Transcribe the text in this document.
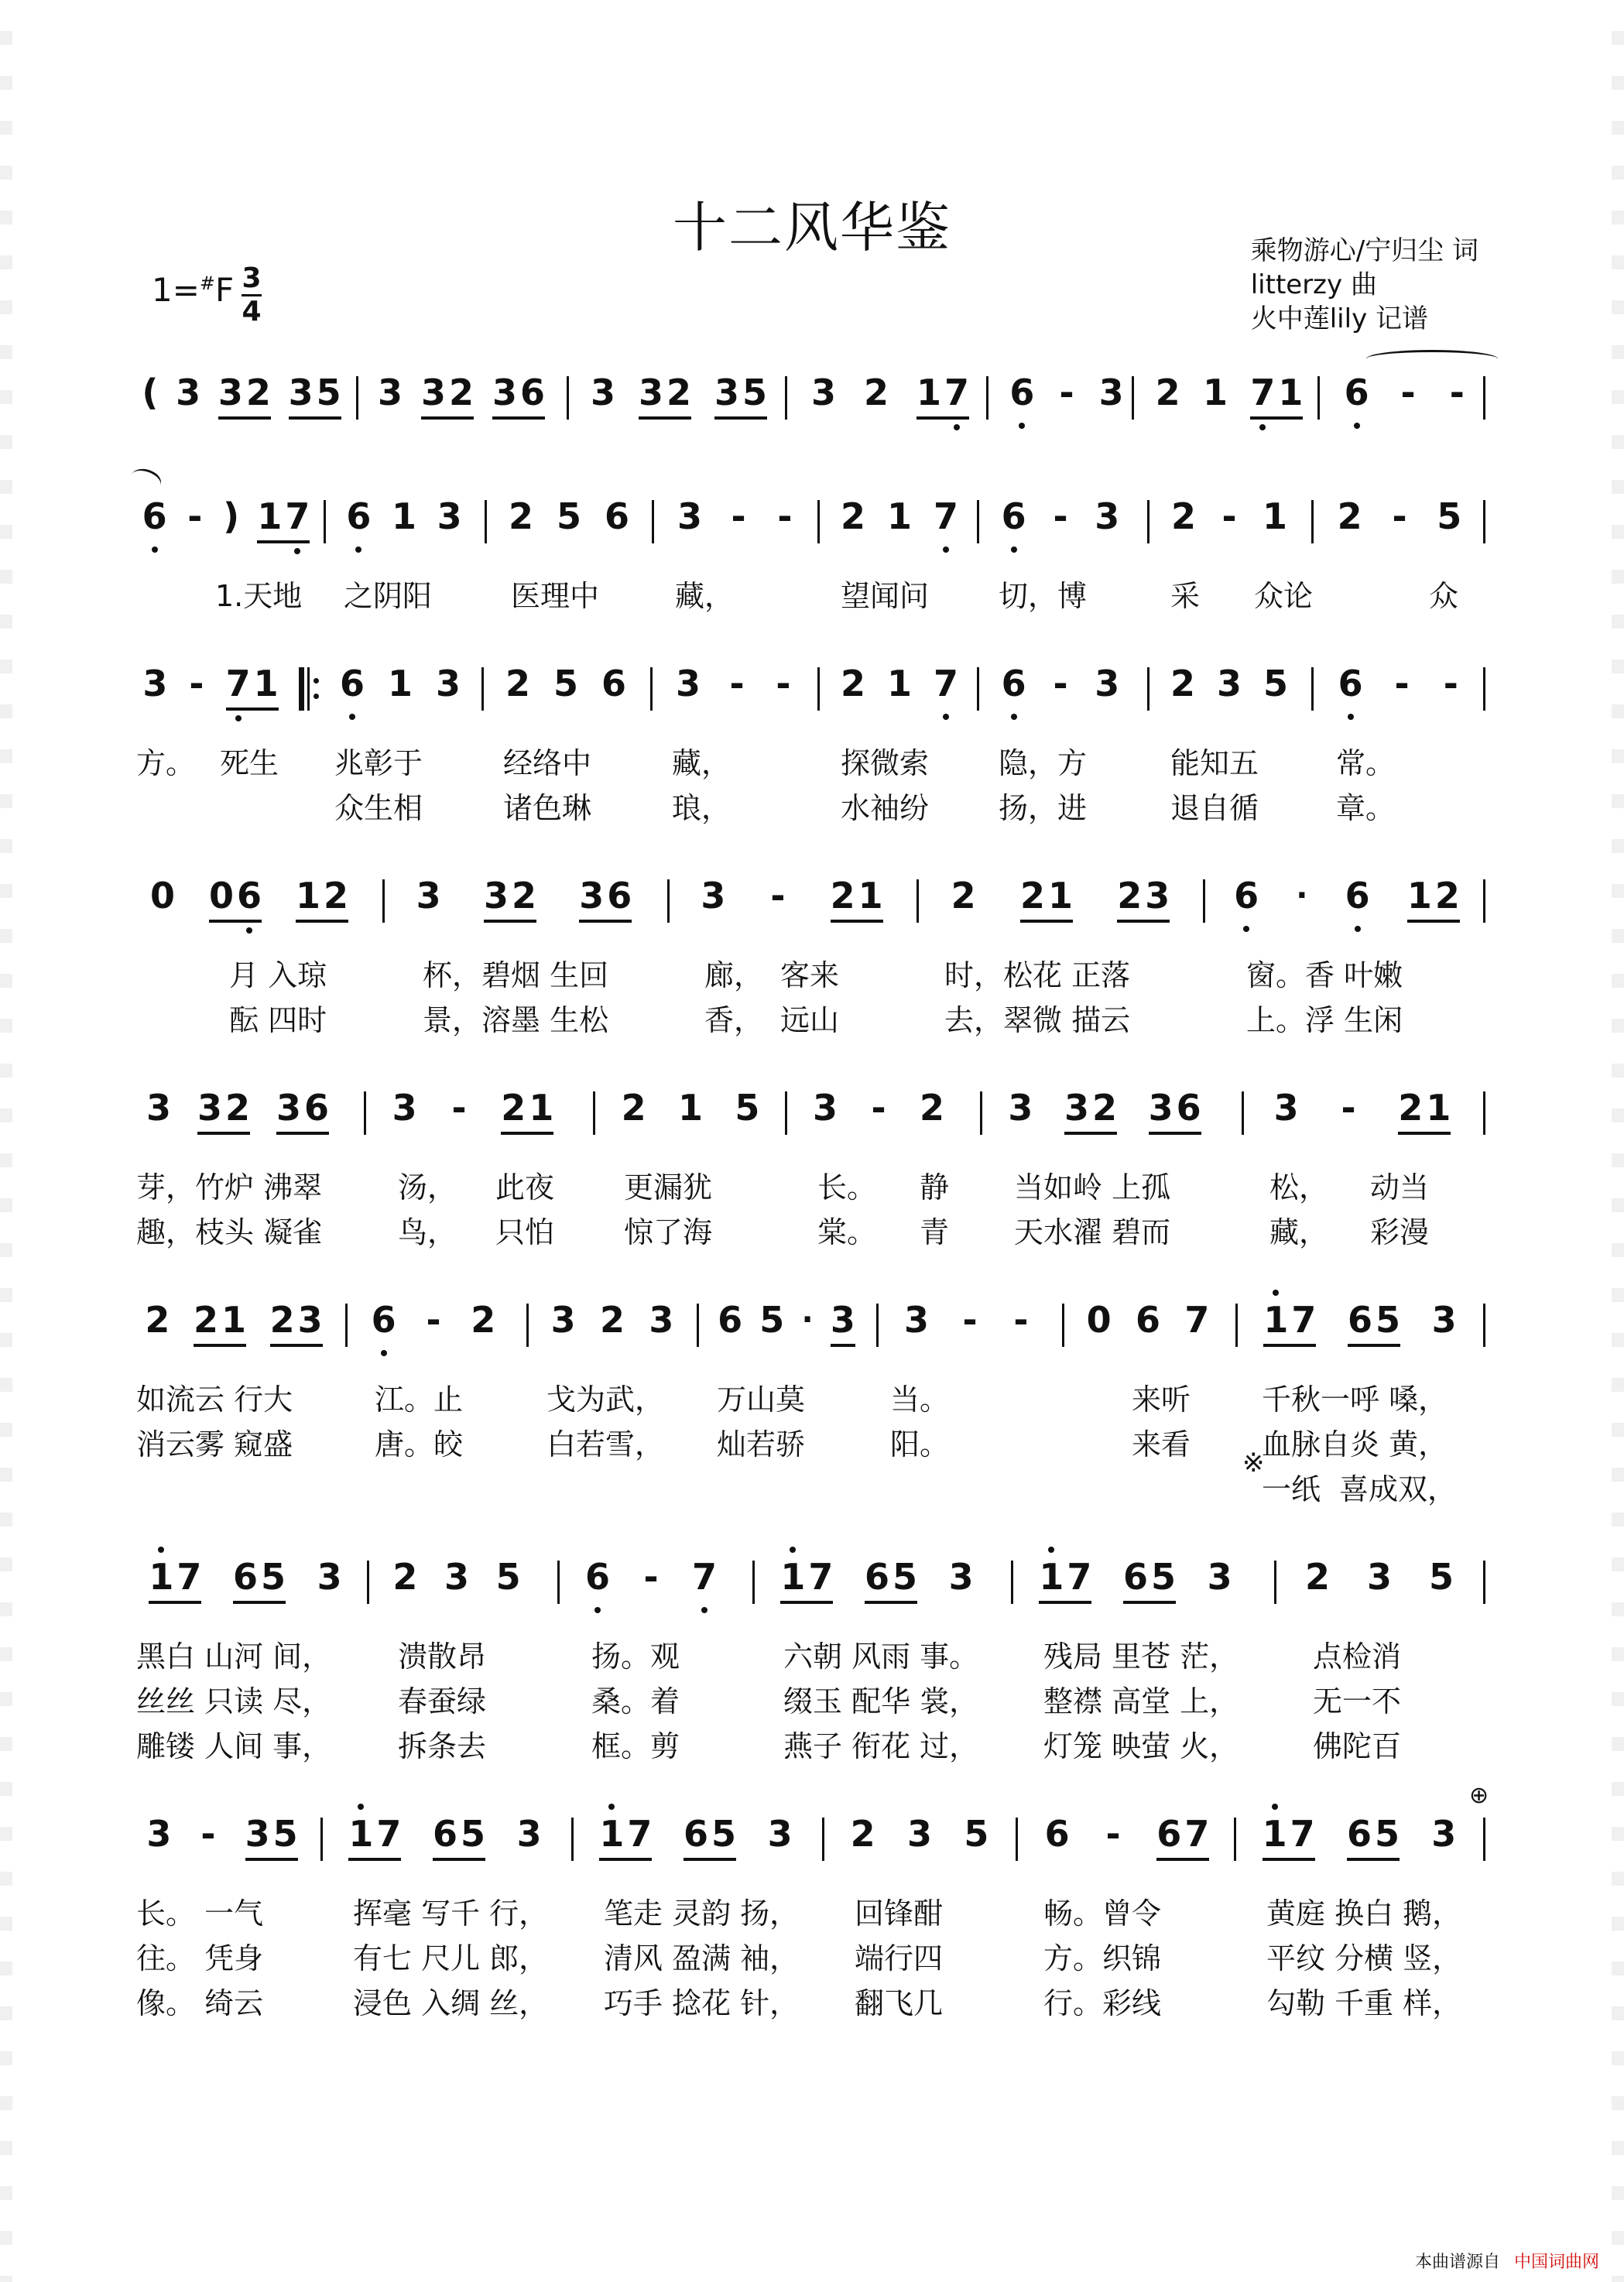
十二风华鉴	乘物游心/宁归尘 词
litterzy 曲
火中莲lily 记谱
1=#F 3
4
( 3 3 2 3 5 3 3 2 3 6 3 3 2 3 5 3 2 1 7 6 - 3 2 1 7 1 6 - -
6 - ) 1 7 6 1 3 2 5 6 3 - - 2 1 7 6 - 3 2 - 1 2 - 5
1.天地 之阴阳	医理中	藏，	望闻问 切，博	采 众论	众
3 - 7 1 6 1 3 2 5 6 3 - - 2 1 7 6 - 3 2 3 5 6 - -
方。 死生 兆彰于	经络中	藏，	探微索 隐，方	能知五	常。
众生相	诸色琳	琅，	水袖纷 扬，进	退自循	章。
0 0 6 1 2 3 3 2 3 6 3 - 2 1 2 2 1 2 3 6 · 6 1 2
月 入琼	杯，碧烟 生回	廊， 客来	时，松花 正落	窗。香 叶嫩
酝 四时	景，溶墨 生松	香， 远山	去，翠微 描云	上。浮 生闲
3 3 2 3 6 3 - 2 1 2 1 5 3 - 2 3 3 2 3 6 3 - 2 1
芽，竹炉 沸翠	汤， 此夜 更漏犹	长。 静 当如岭 上孤	松， 动当
趣，枝头 凝雀	鸟， 只怕 惊了海	棠。 青 天水濯 碧而	藏， 彩漫
2 2 1 2 3 6 - 2 3 2 3 6 5 · 3 3 - - 0 6 7 1 7 6 5 3
如流云 行大	江。止	戈为武， 万山莫	当。	来听 千秋一呼 嗓，
消云雾 窥盛	唐。皎	白若雪， 灿若骄	阳。	来看 血脉自炎 黄，
一纸 喜成双，
※
1 7 6 5 3 2 3 5 6 - 7 1 7 6 5 3 1 7 6 5 3 2 3 5
黑白 山河 间， 溃散昂	扬。观	六朝 风雨 事。 残局 里苍 茫，	点检消
丝丝 只读 尽， 春蚕绿	桑。着	缀玉 配华 裳， 整襟 高堂 上，	无一不
雕镂 人间 事， 拆条去	框。剪	燕子 衔花 过， 灯笼 映萤 火，	佛陀百
⊕
3 - 3 5 1 7 6 5 3 1 7 6 5 3 2 3 5 6 - 6 7 1 7 6 5 3
长。 一气	挥毫 写千 行， 笔走 灵韵 扬， 回锋酣	畅。曾令	黄庭 换白 鹅，
往。 凭身	有七 尺儿 郎， 清风 盈满 袖， 端行四	方。织锦	平纹 分横 竖，
像。 绮云	浸色 入绸 丝， 巧手 捻花 针， 翻飞几	行。彩线	勾勒 千重 样，
本曲谱源自 中国词曲网
